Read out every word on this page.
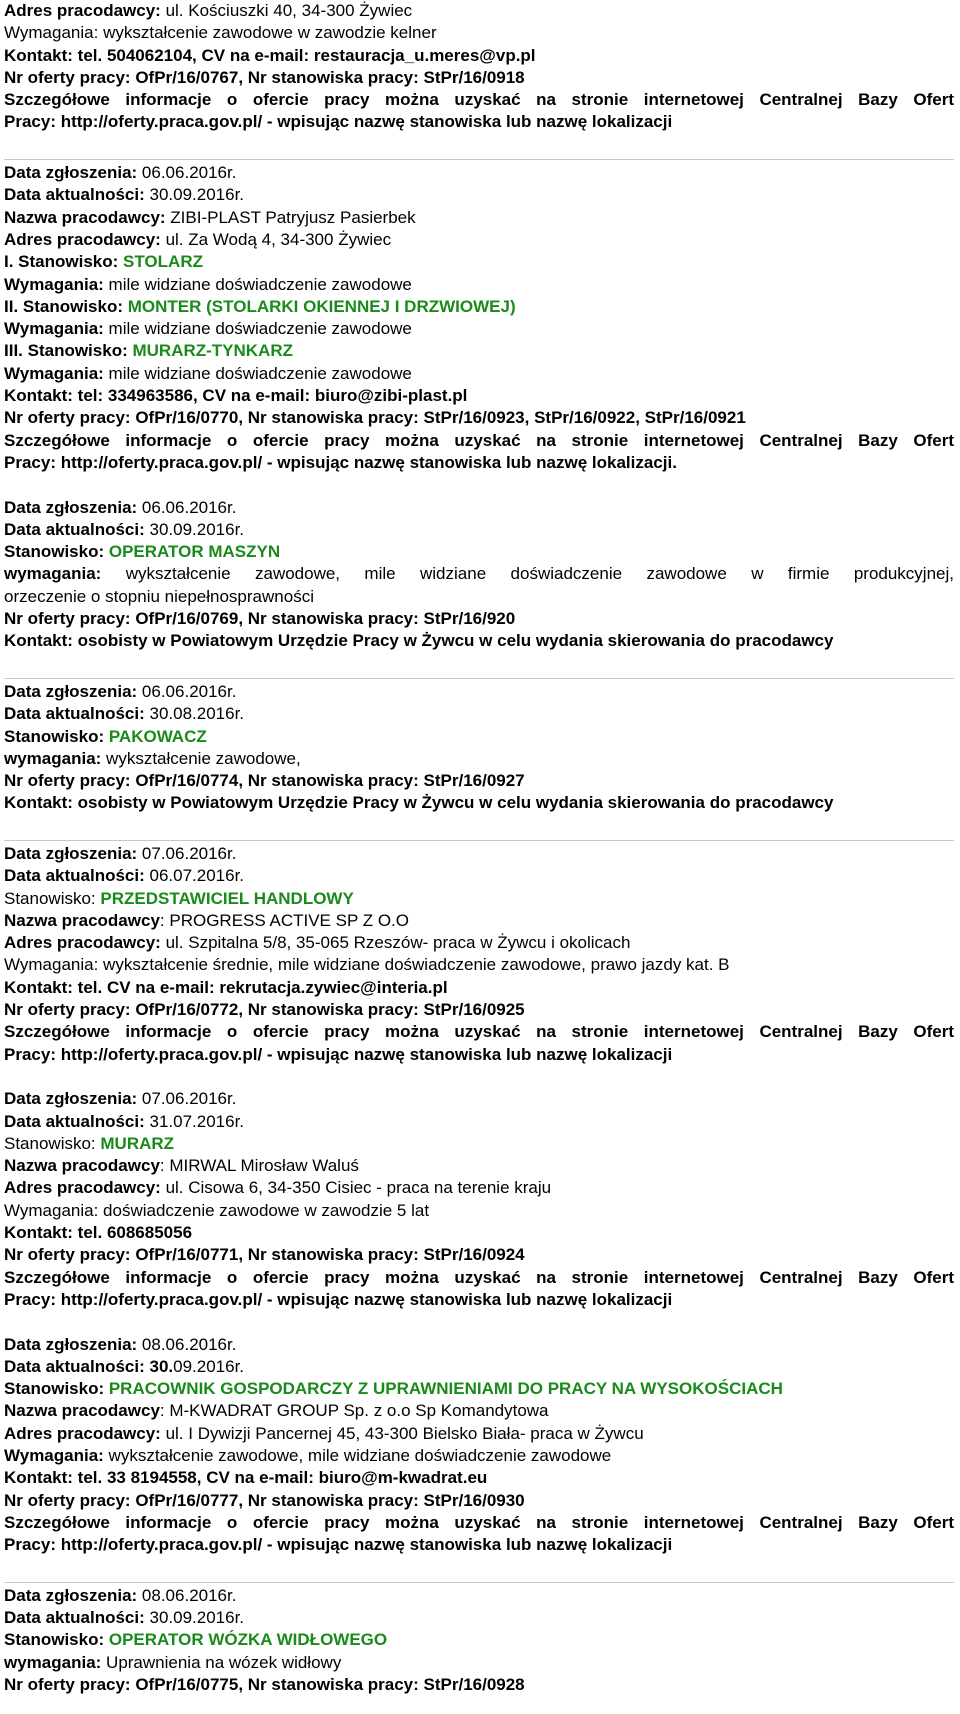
Adres pracodawcy: ul. Kościuszki 40, 34-300 Żywiec
Wymagania: wykształcenie zawodowe w zawodzie kelner
Kontakt: tel. 504062104, CV na e-mail: restauracja_u.meres@vp.pl
Nr oferty pracy: OfPr/16/0767, Nr stanowiska pracy: StPr/16/0918
Szczegółowe informacje o ofercie pracy można uzyskać na stronie internetowej Centralnej Bazy Ofert
Pracy: http://oferty.praca.gov.pl/ - wpisując nazwę stanowiska lub nazwę lokalizacji
Data zgłoszenia: 06.06.2016r.
Data aktualności: 30.09.2016r.
Nazwa pracodawcy: ZIBI-PLAST Patryjusz Pasierbek
Adres pracodawcy: ul. Za Wodą 4, 34-300 Żywiec
I. Stanowisko: STOLARZ
Wymagania: mile widziane doświadczenie zawodowe
II. Stanowisko: MONTER (STOLARKI OKIENNEJ I DRZWIOWEJ)
Wymagania: mile widziane doświadczenie zawodowe
III. Stanowisko: MURARZ-TYNKARZ
Wymagania: mile widziane doświadczenie zawodowe
Kontakt: tel: 334963586, CV na e-mail: biuro@zibi-plast.pl
Nr oferty pracy: OfPr/16/0770, Nr stanowiska pracy: StPr/16/0923, StPr/16/0922, StPr/16/0921
Szczegółowe informacje o ofercie pracy można uzyskać na stronie internetowej Centralnej Bazy Ofert
Pracy: http://oferty.praca.gov.pl/ - wpisując nazwę stanowiska lub nazwę lokalizacji.
Data zgłoszenia: 06.06.2016r.
Data aktualności: 30.09.2016r.
Stanowisko: OPERATOR MASZYN
wymagania: wykształcenie zawodowe, mile widziane doświadczenie zawodowe w firmie produkcyjnej,
orzeczenie o stopniu niepełnosprawności
Nr oferty pracy: OfPr/16/0769, Nr stanowiska pracy: StPr/16/920
Kontakt: osobisty w Powiatowym Urzędzie Pracy w Żywcu w celu wydania skierowania do pracodawcy
Data zgłoszenia: 06.06.2016r.
Data aktualności: 30.08.2016r.
Stanowisko: PAKOWACZ
wymagania: wykształcenie zawodowe,
Nr oferty pracy: OfPr/16/0774, Nr stanowiska pracy: StPr/16/0927
Kontakt: osobisty w Powiatowym Urzędzie Pracy w Żywcu w celu wydania skierowania do pracodawcy
Data zgłoszenia: 07.06.2016r.
Data aktualności: 06.07.2016r.
Stanowisko: PRZEDSTAWICIEL HANDLOWY
Nazwa pracodawcy: PROGRESS ACTIVE SP Z O.O
Adres pracodawcy: ul. Szpitalna 5/8, 35-065 Rzeszów- praca w Żywcu i okolicach
Wymagania: wykształcenie średnie, mile widziane doświadczenie zawodowe, prawo jazdy kat. B
Kontakt: tel. CV na e-mail: rekrutacja.zywiec@interia.pl
Nr oferty pracy: OfPr/16/0772, Nr stanowiska pracy: StPr/16/0925
Szczegółowe informacje o ofercie pracy można uzyskać na stronie internetowej Centralnej Bazy Ofert
Pracy: http://oferty.praca.gov.pl/ - wpisując nazwę stanowiska lub nazwę lokalizacji
Data zgłoszenia: 07.06.2016r.
Data aktualności: 31.07.2016r.
Stanowisko: MURARZ
Nazwa pracodawcy: MIRWAL Mirosław Waluś
Adres pracodawcy: ul. Cisowa 6, 34-350 Cisiec - praca na terenie kraju
Wymagania: doświadczenie zawodowe w zawodzie 5 lat
Kontakt: tel. 608685056
Nr oferty pracy: OfPr/16/0771, Nr stanowiska pracy: StPr/16/0924
Szczegółowe informacje o ofercie pracy można uzyskać na stronie internetowej Centralnej Bazy Ofert
Pracy: http://oferty.praca.gov.pl/ - wpisując nazwę stanowiska lub nazwę lokalizacji
Data zgłoszenia: 08.06.2016r.
Data aktualności: 30.09.2016r.
Stanowisko: PRACOWNIK GOSPODARCZY Z UPRAWNIENIAMI DO PRACY NA WYSOKOŚCIACH
Nazwa pracodawcy: M-KWADRAT GROUP Sp. z o.o Sp Komandytowa
Adres pracodawcy: ul. I Dywizji Pancernej 45, 43-300 Bielsko Biała- praca w Żywcu
Wymagania: wykształcenie zawodowe, mile widziane doświadczenie zawodowe
Kontakt: tel. 33 8194558, CV na e-mail: biuro@m-kwadrat.eu
Nr oferty pracy: OfPr/16/0777, Nr stanowiska pracy: StPr/16/0930
Szczegółowe informacje o ofercie pracy można uzyskać na stronie internetowej Centralnej Bazy Ofert
Pracy: http://oferty.praca.gov.pl/ - wpisując nazwę stanowiska lub nazwę lokalizacji
Data zgłoszenia: 08.06.2016r.
Data aktualności: 30.09.2016r.
Stanowisko: OPERATOR WÓZKA WIDŁOWEGO
wymagania: Uprawnienia na wózek widłowy
Nr oferty pracy: OfPr/16/0775, Nr stanowiska pracy: StPr/16/0928
